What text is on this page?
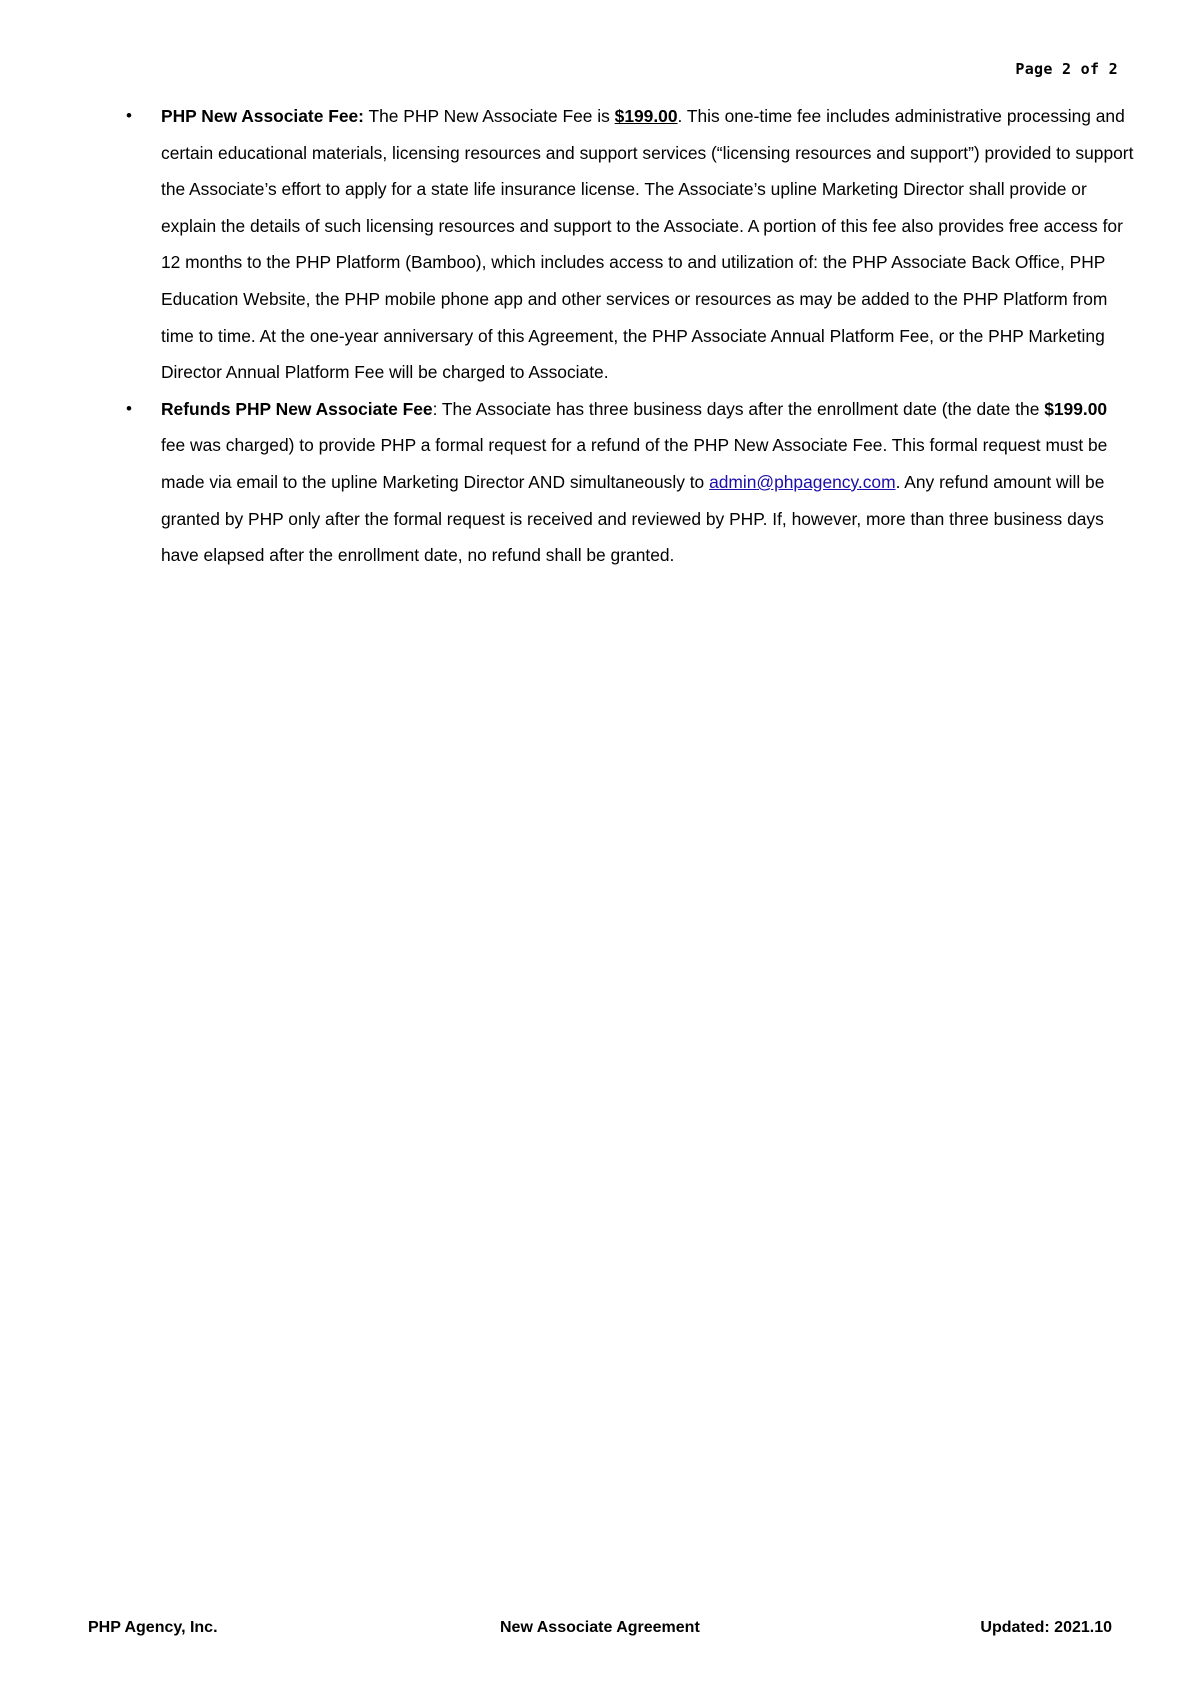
Page 2 of 2
• PHP New Associate Fee: The PHP New Associate Fee is $199.00. This one-time fee includes administrative processing and certain educational materials, licensing resources and support services (“licensing resources and support”) provided to support the Associate’s effort to apply for a state life insurance license. The Associate’s upline Marketing Director shall provide or explain the details of such licensing resources and support to the Associate. A portion of this fee also provides free access for 12 months to the PHP Platform (Bamboo), which includes access to and utilization of: the PHP Associate Back Office, PHP Education Website, the PHP mobile phone app and other services or resources as may be added to the PHP Platform from time to time. At the one-year anniversary of this Agreement, the PHP Associate Annual Platform Fee, or the PHP Marketing Director Annual Platform Fee will be charged to Associate.
• Refunds PHP New Associate Fee: The Associate has three business days after the enrollment date (the date the $199.00 fee was charged) to provide PHP a formal request for a refund of the PHP New Associate Fee. This formal request must be made via email to the upline Marketing Director AND simultaneously to admin@phpagency.com. Any refund amount will be granted by PHP only after the formal request is received and reviewed by PHP. If, however, more than three business days have elapsed after the enrollment date, no refund shall be granted.
PHP Agency, Inc.	New Associate Agreement	Updated: 2021.10
